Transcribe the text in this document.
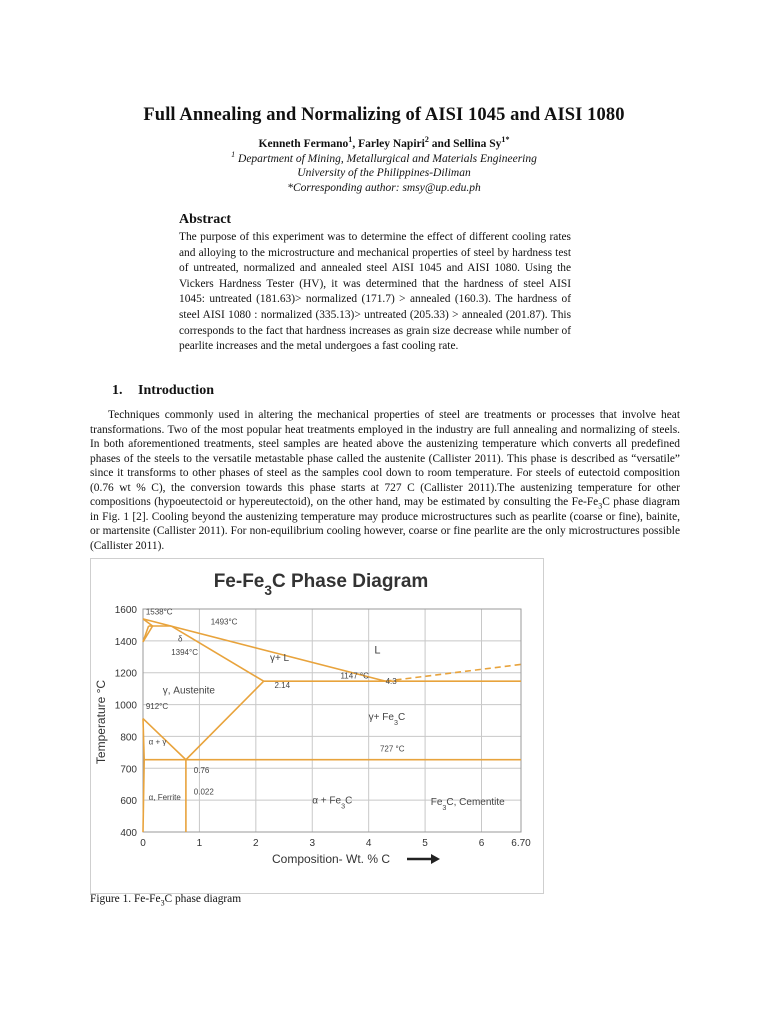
Full Annealing and Normalizing of AISI 1045 and AISI 1080
Kenneth Fermano$^1$, Farley Napiri$^2$ and Sellina $Sy^{1*}$
$^1$ Department of Mining, Metallurgical and Materials Engineering
University of the Philippines-Diliman
*Corresponding author: smsy@up.edu.ph
Abstract
The purpose of this experiment was to determine the effect of different cooling rates and alloying to the microstructure and mechanical properties of steel by hardness test of untreated, normalized and annealed steel AISI 1045 and AISI 1080. Using the Vickers Hardness Tester (HV), it was determined that the hardness of steel AISI 1045: untreated (181.63)> normalized (171.7) > annealed (160.3). The hardness of steel AISI 1080 : normalized (335.13)> untreated (205.33) > annealed (201.87). This corresponds to the fact that hardness increases as grain size decrease while number of pearlite increases and the metal undergoes a fast cooling rate.
1. Introduction
Techniques commonly used in altering the mechanical properties of steel are treatments or processes that involve heat transformations. Two of the most popular heat treatments employed in the industry are full annealing and normalizing of steels. In both aforementioned treatments, steel samples are heated above the austenizing temperature which converts all predefined phases of the steels to the versatile metastable phase called the austenite (Callister 2011). This phase is described as “versatile” since it transforms to other phases of steel as the samples cool down to room temperature. For steels of eutectoid composition (0.76 wt % C), the conversion towards this phase starts at 727 C (Callister 2011).The austenizing temperature for other compositions (hypoeutectoid or hypereutectoid), on the other hand, may be estimated by consulting the $Fe-Fe_3C$ phase diagram in Fig. 1 [2]. Cooling beyond the austenizing temperature may produce microstructures such as pearlite (coarse or fine), bainite, or martensite (Callister 2011). For non-equilibrium cooling however, coarse or fine pearlite are the only microstructures possible (Callister 2011).
$Fe-Fe_3C$ Phase Diagram
0	1	2	3	4	5	6	6.70
400
600
700
800
1000
1200
1400
1600 1538°C
1493°C
δ
1394°C	L
γ+ L
1147 °C
4.3
2.14
γ, Austenite
912°C
$\gamma+ Fe_3C$
α + γ
727 °C
0.76
0.022
α, Ferrite	$\alpha + Fe_3C$	$Fe_3C$, Cementite
Temperature °C
Composition- Wt. % C
Figure 1. $Fe-Fe_3C$ phase diagram
